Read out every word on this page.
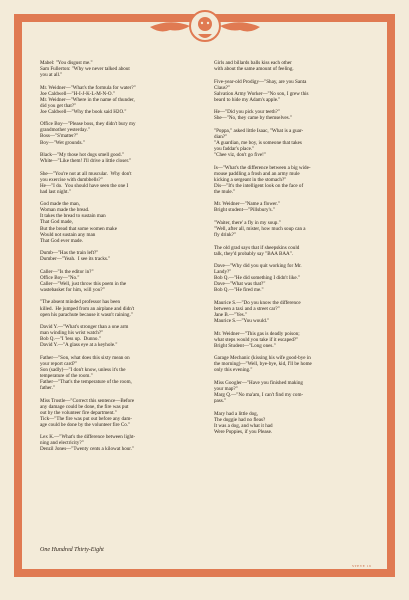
Mabel: "You disgust me."
Sam Fullerton: "Why we never talked about
you at all."
Mr. Weidner—"What's the formula for water?"
Joe Caldwell—"H-I-J-K-L-M-N-O."
Mr. Weidner—"Where in the name of thunder,
did you get that?"
Joe Caldwell—"Why the book said H2O."
Office Boy—"Please boss, they didn't bury my
grandmother yesterday."
Boss—"S'matter?"
Boy—"Wet grounds."
Black—"My those hot dogs smell good."
White—"Like them! I'll drive a little closer."
She—"You're not at all muscular.  Why don't
you exercise with dumbbells?"
He—"I do.  You should have seen the one I
had last night."
God made the man,
Woman made the bread.
It takes the bread to sustain man
That God made,
But the bread that some women make
Would not sustain any man
That God ever made.
Dumb—"Has the train left?"
Dumber—"Yeah.  I see its tracks."
Caller—"Is the editor in?"
Office Boy—"No."
Caller—"Well, just throw this poem in the
wastebasket for him, will you?"
"The absent minded professor has been
killed.  He jumped from an airplane and didn't
open his parachute because it wasn't raining."
David Y.—"What's stronger than a one arm
man winding his wrist watch?"
Bob Q.—"I 'less up.  Dunno."
David Y.—"A glass eye at a keyhole."
Father—"Son, what does this sixty mean on
your report card?"
Son (sadly)—"I don't know, unless it's the
temperature of the room."
Father—"That's the temperature of the room,
father."
Miss Trostle—"Correct this sentence—Before
any damage could be done, the fire was put
out by the volunteer fire department."
Tick—"The fire was put out before any dam-
age could be done by the volunteer fire Co."
Lex K.—"What's the difference between light-
ning and electricity?"
Denzil Jones—"Twenty cents a kilowat hour."
Girls and billards balls kiss each other
with about the same amount of feeling.
Five-year-old Prodigy—"Shay, are you Santa
Claus?"
Salvation Army Worker—"No son, I grew this
beard to hide my Adam's apple."
He—"Did you pick your teeth?"
She—"No, they came by themselves."
"Poppa," asked little Isaac, "What is a guar-
dian?"
"A guardian, me boy, is someone that takes
you faddar's place."
"Chee viz, don't go five!"
Is—"What's the difference between a big wide-
mouse paddling a frosh and an army mule
kicking a sergeant in the stomach?"
Dis—"It's the intelligent look on the face of
the mule."
Mr. Weidner—"Name a flower."
Bright student—"Pillsbury's."
"Waiter, there' a fly in my soup."
"Well, after all, mister, how much soup can a
fly drink?"
The old grad says that if sheepskins could
talk, they'd probably say "BAA BAA".
Dave—"Why did you quit working for Mr.
Landy?"
Bob Q.—"He did something I didn't like."
Dave—"What was that?"
Bob Q.—"He fired me."
Maurice S.—"Do you know the difference
between a taxi and a street car?"
Jane B.—"Yes."
Maurice S.—"You would."
Mr. Weidner—"This gas is deadly poison;
what steps would you take if it escaped?"
Bright Student—"Long ones."
Garage Mechanic (kissing his wife good-bye in
the morning)—"Well, bye-bye, kid, I'll be home
only this evening."
Miss Googler—"Have you finished making
your map?"
Marg Q.—"No ma'am, I can't find my com-
pass."
Mary had a little dog,
The doggie had no fleas?
It was a dog, and what it had
Were Poppies, if you Please.
One Hundred Thirty-Eight
STEVE 19
